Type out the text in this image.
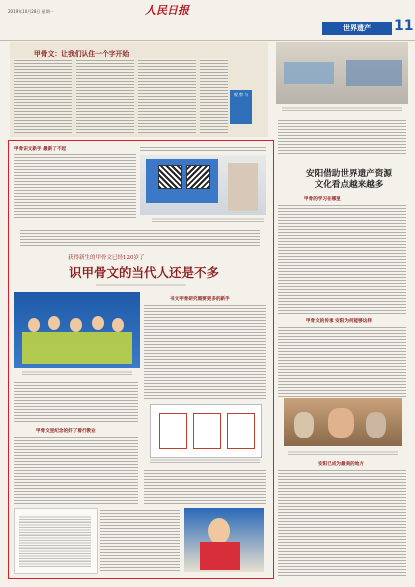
2019年10月28日 星期一	人民日报
世界遗产	11
甲骨文：让我们认住一个字开始
观 察 与
安阳借助世界遗产资源
文化看点越来越多
甲骨的学习在哪里
甲骨文的传承 安阳为何能够这样
安阳已成为最美的地方
甲骨识文新手 最新了不起
获得新生的甲骨文已经120岁了
识甲骨文的当代人还是不多
书文甲骨研究需要更多的新手
甲骨文里纪念的好了看行教业
